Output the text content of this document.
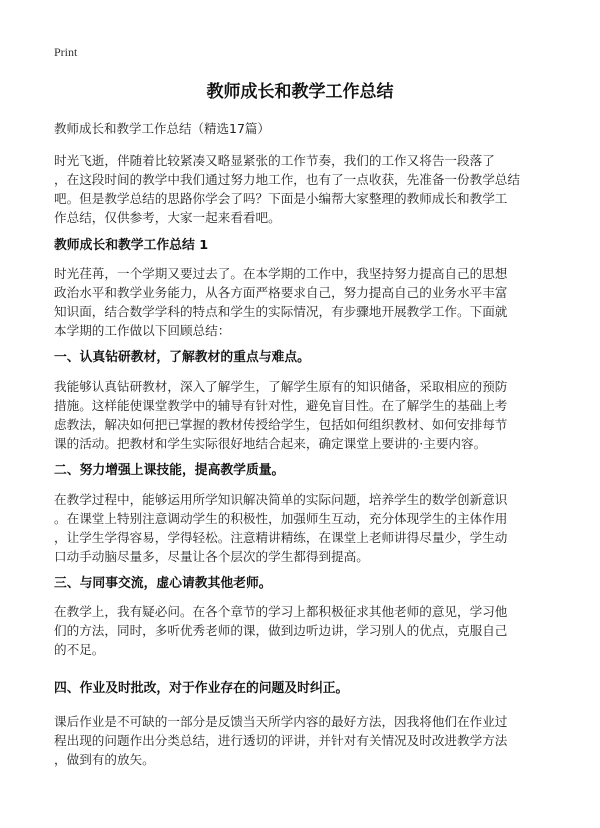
Print
教师成长和教学工作总结
教师成长和教学工作总结（精选17篇）
时光飞逝，伴随着比较紧凑又略显紧张的工作节奏，我们的工作又将告一段落了
，在这段时间的教学中我们通过努力地工作，也有了一点收获，先准备一份教学总结
吧。但是教学总结的思路你学会了吗？下面是小编帮大家整理的教师成长和教学工
作总结，仅供参考，大家一起来看看吧。
教师成长和教学工作总结 1
时光荏苒，一个学期又要过去了。在本学期的工作中，我坚持努力提高自己的思想
政治水平和教学业务能力，从各方面严格要求自己，努力提高自己的业务水平丰富
知识面，结合数学学科的特点和学生的实际情况，有步骤地开展教学工作。下面就
本学期的工作做以下回顾总结：
一、认真钻研教材，了解教材的重点与难点。
我能够认真钻研教材，深入了解学生，了解学生原有的知识储备，采取相应的预防
措施。这样能使课堂教学中的辅导有针对性，避免盲目性。在了解学生的基础上考
虑教法，解决如何把已掌握的教材传授给学生，包括如何组织教材、如何安排每节
课的活动。把教材和学生实际很好地结合起来，确定课堂上要讲的·主要内容。
二、努力增强上课技能，提高教学质量。
在教学过程中，能够运用所学知识解决简单的实际问题，培养学生的数学创新意识
。在课堂上特别注意调动学生的积极性，加强师生互动，充分体现学生的主体作用
，让学生学得容易，学得轻松。注意精讲精练，在课堂上老师讲得尽量少，学生动
口动手动脑尽量多，尽量让各个层次的学生都得到提高。
三、与同事交流，虚心请教其他老师。
在教学上，我有疑必问。在各个章节的学习上都积极征求其他老师的意见，学习他
们的方法，同时，多听优秀老师的课，做到边听边讲，学习别人的优点，克服自己
的不足。
四、作业及时批改，对于作业存在的问题及时纠正。
课后作业是不可缺的一部分是反馈当天所学内容的最好方法，因我将他们在作业过
程出现的问题作出分类总结，进行透切的评讲，并针对有关情况及时改进教学方法
，做到有的放矢。
